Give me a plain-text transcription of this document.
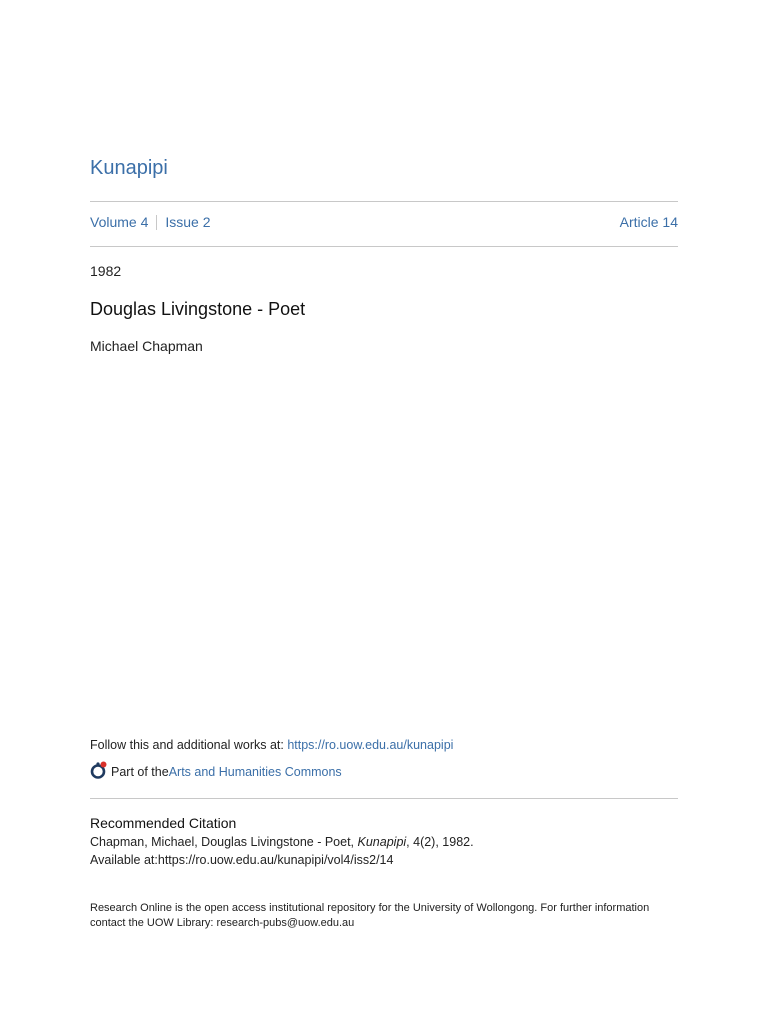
Kunapipi
Volume 4 Issue 2	Article 14
1982
Douglas Livingstone - Poet
Michael Chapman
Follow this and additional works at: https://ro.uow.edu.au/kunapipi
Part of the Arts and Humanities Commons
Recommended Citation
Chapman, Michael, Douglas Livingstone - Poet, Kunapipi, 4(2), 1982.
Available at:https://ro.uow.edu.au/kunapipi/vol4/iss2/14
Research Online is the open access institutional repository for the University of Wollongong. For further information
contact the UOW Library: research-pubs@uow.edu.au
